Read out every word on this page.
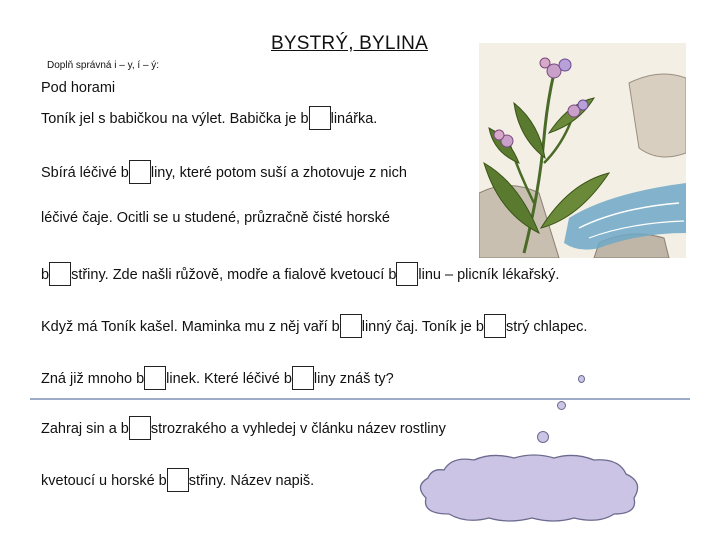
BYSTRÝ, BYLINA
Doplň správná i – y, í – ý:
Pod horami
Toník jel s babičkou na výlet. Babička je b linářka.
Sbírá léčivé b liny, které potom suší a zhotovuje z nich
léčivé čaje. Ocitli se u studené, průzračně čisté horské
b střiny. Zde našli růžově, modře a fialově kvetoucí b linu – plicník lékařský.
Když má Toník kašel. Maminka mu z něj vaří b linný čaj. Toník je b strý chlapec.
Zná již mnoho b linek. Které léčivé b liny znáš ty?
Zahraj sin a b strozrakého a vyhledej v článku název rostliny
kvetoucí u horské b střiny. Název napiš.
